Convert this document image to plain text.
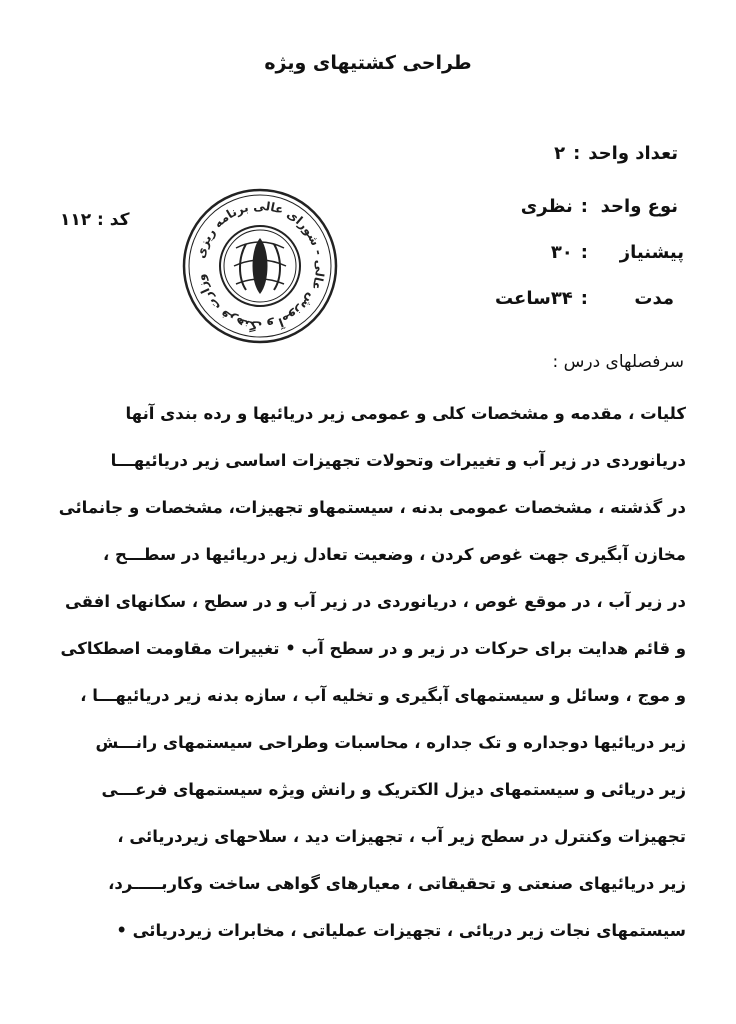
طراحی کشتیهای ویژه
تعداد واحد:۲
نوع واحد:نظری
پیشنیاز:۳۰
مدت:۳۴ساعت
کد : ۱۱۲
وزارت فرهنگ و آموزش عالی - شورای عالی برنامه ریزی
سرفصلهای درس :
کلیات ، مقدمه و مشخصات کلی و عمومی زیر دریائیها و رده بندی آنها
دریانوردی در زیر آب و تغییرات وتحولات تجهیزات اساسی زیر دریائیهـــا
در گذشته ، مشخصات عمومی بدنه ، سیستمهاو تجهیزات، مشخصات و جانمائی
مخازن آبگیری جهت غوص کردن ، وضعیت تعادل زیر دریائیها در سطـــح ،
در زیر آب ، در موقع غوص ، دریانوردی در زیر آب و در سطح ، سکانهای افقی
و قائم هدایت برای حرکات در زیر و در سطح آب • تغییرات مقاومت اصطکاکی
و موج ، وسائل و سیستمهای آبگیری و تخلیه آب ، سازه بدنه زیر دریائیهـــا ،
زیر دریائیها دوجداره و تک جداره ، محاسبات وطراحی سیستمهای رانـــش
زیر دریائی و سیستمهای دیزل الکتریک و رانش ویژه سیستمهای فرعـــی
تجهیزات وکنترل در سطح زیر آب ، تجهیزات دید ، سلاحهای زیردریائی ،
زیر دریائیهای صنعتی و تحقیقاتی ، معیارهای گواهی ساخت وکاربـــــرد،
سیستمهای نجات زیر دریائی ، تجهیزات عملیاتی ، مخابرات زیردریائی •
